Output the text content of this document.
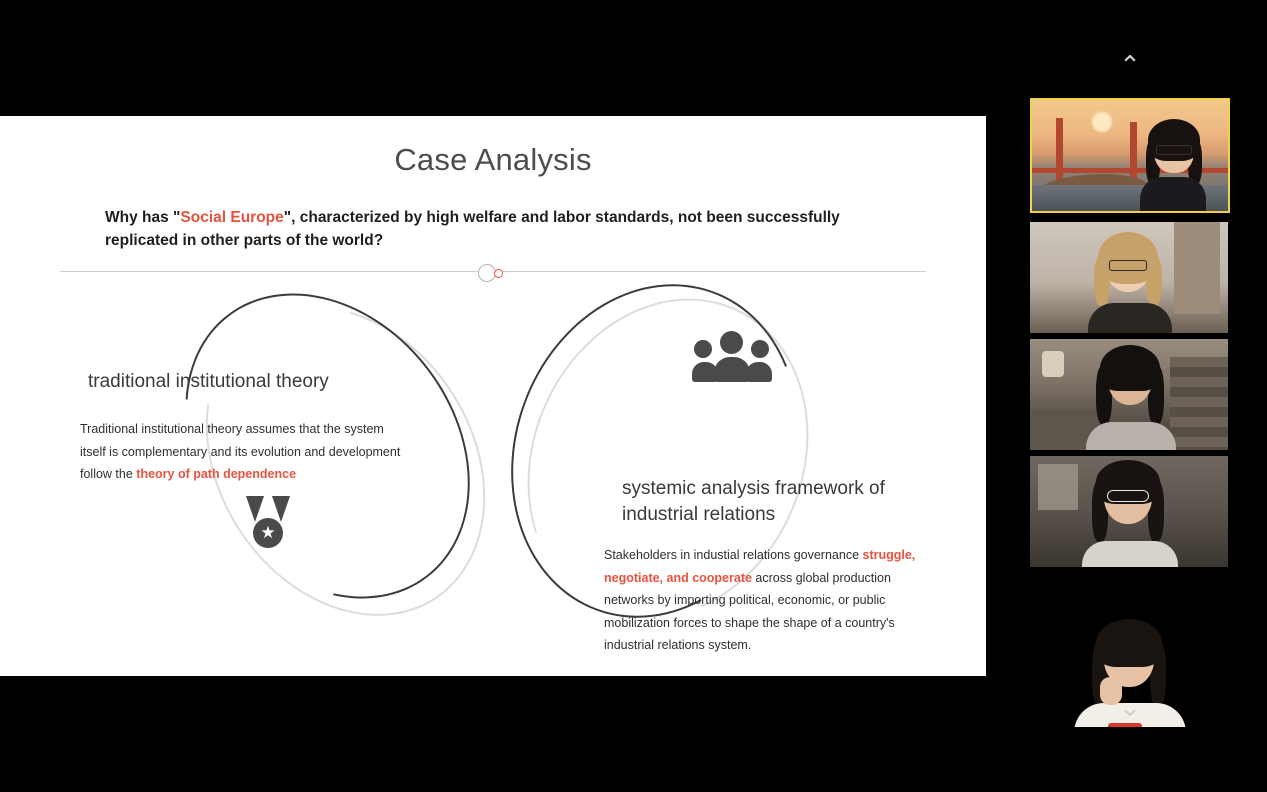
Case Analysis
Why has "Social Europe", characterized by high welfare and labor standards, not been successfully replicated in other parts of the world?
★
traditional institutional theory
Traditional institutional theory assumes that the system itself is complementary and its evolution and development follow the theory of path dependence
systemic analysis framework of industrial relations
Stakeholders in industial relations governance struggle, negotiate, and cooperate across global production networks by importing political, economic, or public mobilization forces to shape the shape of a country's industrial relations system.
⌃
⌄
